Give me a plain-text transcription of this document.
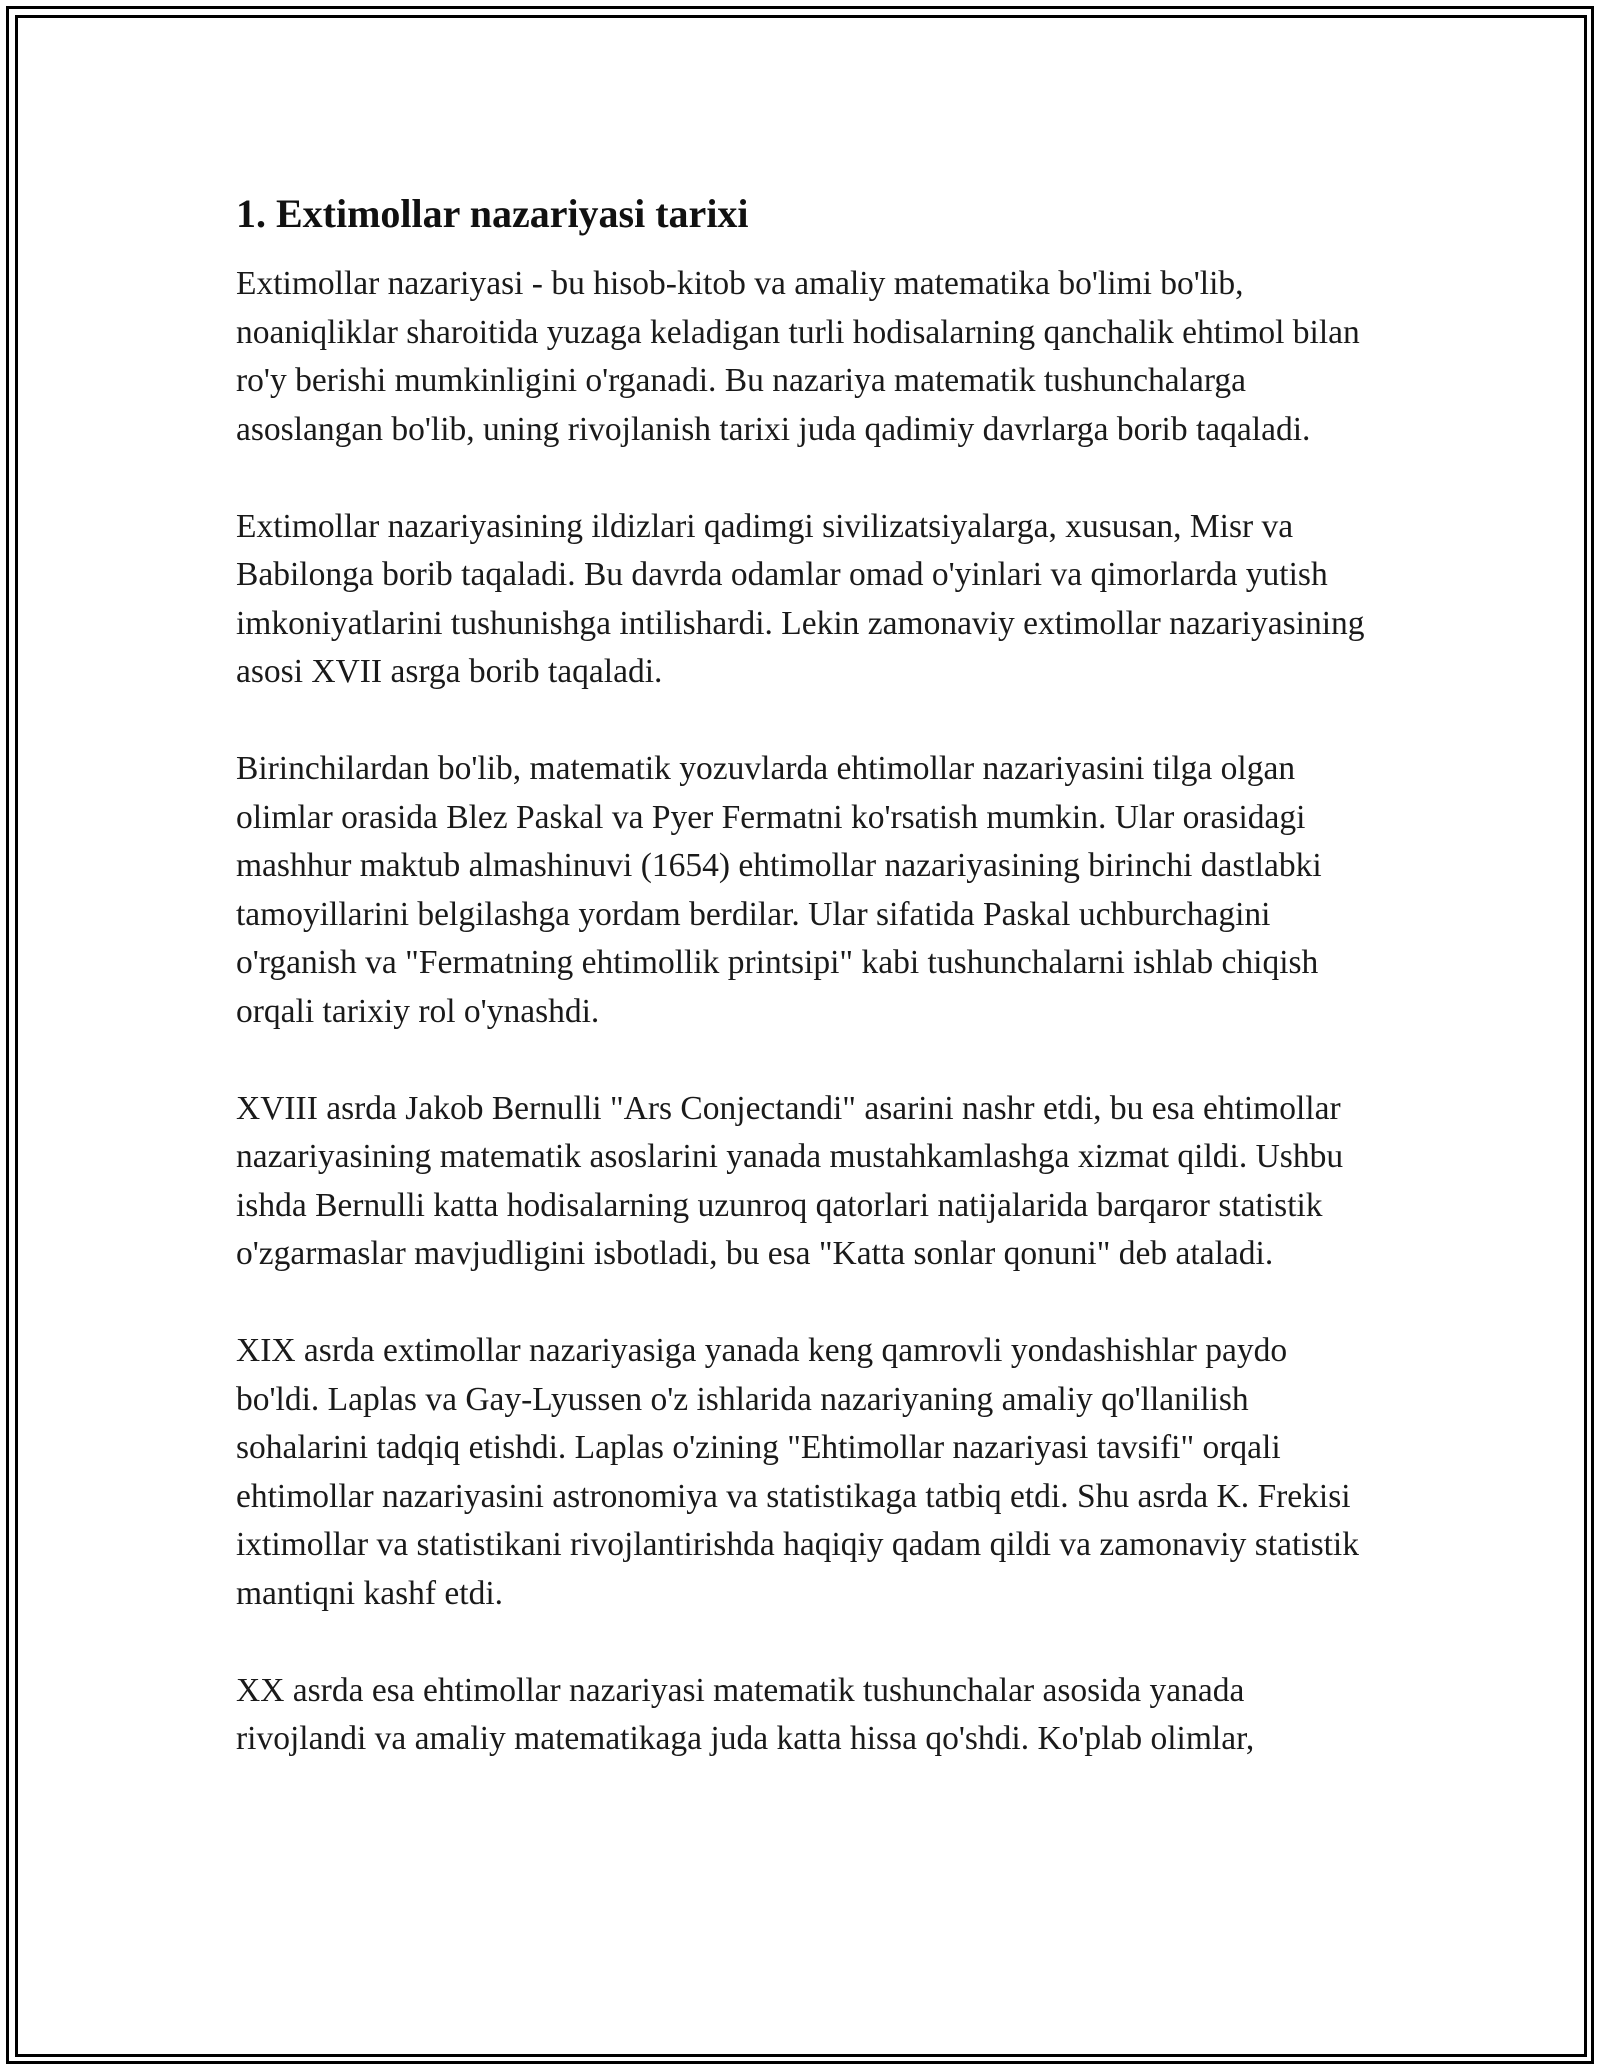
1. Extimollar nazariyasi tarixi

Extimollar nazariyasi - bu hisob-kitob va amaliy matematika bo'limi bo'lib, noaniqliklar sharoitida yuzaga keladigan turli hodisalarning qanchalik ehtimol bilan ro'y berishi mumkinligini o'rganadi. Bu nazariya matematik tushunchalarga asoslangan bo'lib, uning rivojlanish tarixi juda qadimiy davrlarga borib taqaladi.

Extimollar nazariyasining ildizlari qadimgi sivilizatsiyalarga, xususan, Misr va Babilonga borib taqaladi. Bu davrda odamlar omad o'yinlari va qimorlarda yutish imkoniyatlarini tushunishga intilishardi. Lekin zamonaviy extimollar nazariyasining asosi XVII asrga borib taqaladi.

Birinchilardan bo'lib, matematik yozuvlarda ehtimollar nazariyasini tilga olgan olimlar orasida Blez Paskal va Pyer Fermatni ko'rsatish mumkin. Ular orasidagi mashhur maktub almashinuvi (1654) ehtimollar nazariyasining birinchi dastlabki tamoyillarini belgilashga yordam berdilar. Ular sifatida Paskal uchburchagini o'rganish va "Fermatning ehtimollik printsipi" kabi tushunchalarni ishlab chiqish orqali tarixiy rol o'ynashdi.

XVIII asrda Jakob Bernulli "Ars Conjectandi" asarini nashr etdi, bu esa ehtimollar nazariyasining matematik asoslarini yanada mustahkamlashga xizmat qildi. Ushbu ishda Bernulli katta hodisalarning uzunroq qatorlari natijalarida barqaror statistik o'zgarmaslar mavjudligini isbotladi, bu esa "Katta sonlar qonuni" deb ataladi.

XIX asrda extimollar nazariyasiga yanada keng qamrovli yondashishlar paydo bo'ldi. Laplas va Gay-Lyussen o'z ishlarida nazariyaning amaliy qo'llanilish sohalarini tadqiq etishdi. Laplas o'zining "Ehtimollar nazariyasi tavsifi" orqali ehtimollar nazariyasini astronomiya va statistikaga tatbiq etdi. Shu asrda K. Frekisi ixtimollar va statistikani rivojlantirishda haqiqiy qadam qildi va zamonaviy statistik mantiqni kashf etdi.

XX asrda esa ehtimollar nazariyasi matematik tushunchalar asosida yanada rivojlandi va amaliy matematikaga juda katta hissa qo'shdi. Ko'plab olimlar,
